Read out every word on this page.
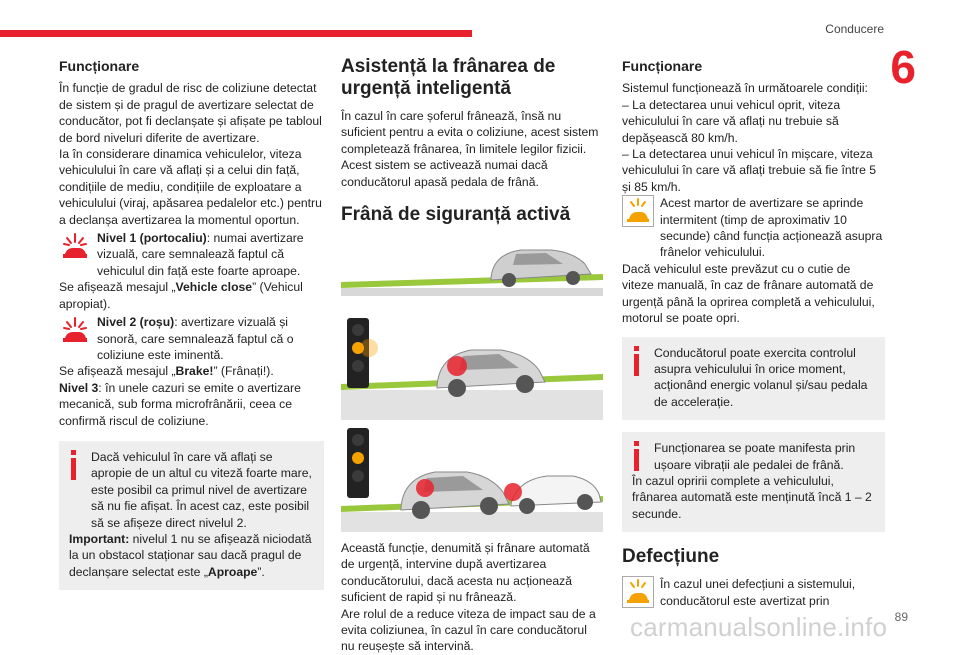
Conducere
6
Funcționare

În funcție de gradul de risc de coliziune detectat de sistem și de pragul de avertizare selectat de conducător, pot fi declanșate și afișate pe tabloul de bord niveluri diferite de avertizare.

Ia în considerare dinamica vehiculelor, viteza vehiculului în care vă aflați și a celui din față, condițiile de mediu, condițiile de exploatare a vehiculului (viraj, apăsarea pedalelor etc.) pentru a declanșa avertizarea la momentul oportun.

Nivel 1 (portocaliu): numai avertizare vizuală, care semnalează faptul că vehiculul din față este foarte aproape.

Se afișează mesajul „Vehicle close” (Vehicul apropiat).

Nivel 2 (roșu): avertizare vizuală și sonoră, care semnalează faptul că o coliziune este iminentă.

Se afișează mesajul „Brake!” (Frânați!).

Nivel 3: în unele cazuri se emite o avertizare mecanică, sub forma microfrânării, ceea ce confirmă riscul de coliziune.

Dacă vehiculul în care vă aflați se apropie de un altul cu viteză foarte mare, este posibil ca primul nivel de avertizare să nu fie afișat. În acest caz, este posibil să se afișeze direct nivelul 2.

Important: nivelul 1 nu se afișează niciodată la un obstacol staționar sau dacă pragul de declanșare selectat este „Aproape”.

Asistență la frânarea de urgență inteligentă

În cazul în care șoferul frânează, însă nu suficient pentru a evita o coliziune, acest sistem completează frânarea, în limitele legilor fizicii. Acest sistem se activează numai dacă conducătorul apasă pedala de frână.

Frână de siguranță activă

Această funcție, denumită și frânare automată de urgență, intervine după avertizarea conducătorului, dacă acesta nu acționează suficient de rapid și nu frânează.

Are rolul de a reduce viteza de impact sau de a evita coliziunea, în cazul în care conducătorul nu reușește să intervină.

Funcționare

Sistemul funcționează în următoarele condiții:

– La detectarea unui vehicul oprit, viteza vehiculului în care vă aflați nu trebuie să depășească 80 km/h.

– La detectarea unui vehicul în mișcare, viteza vehiculului în care vă aflați trebuie să fie între 5 și 85 km/h.

Acest martor de avertizare se aprinde intermitent (timp de aproximativ 10 secunde) când funcția acționează asupra frânelor vehiculului.

Dacă vehiculul este prevăzut cu o cutie de viteze manuală, în caz de frânare automată de urgență până la oprirea completă a vehiculului, motorul se poate opri.

Conducătorul poate exercita controlul asupra vehiculului în orice moment, acționând energic volanul și/sau pedala de accelerație.

Funcționarea se poate manifesta prin ușoare vibrații ale pedalei de frână.

În cazul opririi complete a vehiculului, frânarea automată este menținută încă 1 – 2 secunde.

Defecțiune

În cazul unei defecțiuni a sistemului, conducătorul este avertizat prin

carmanualsonline.info 89
